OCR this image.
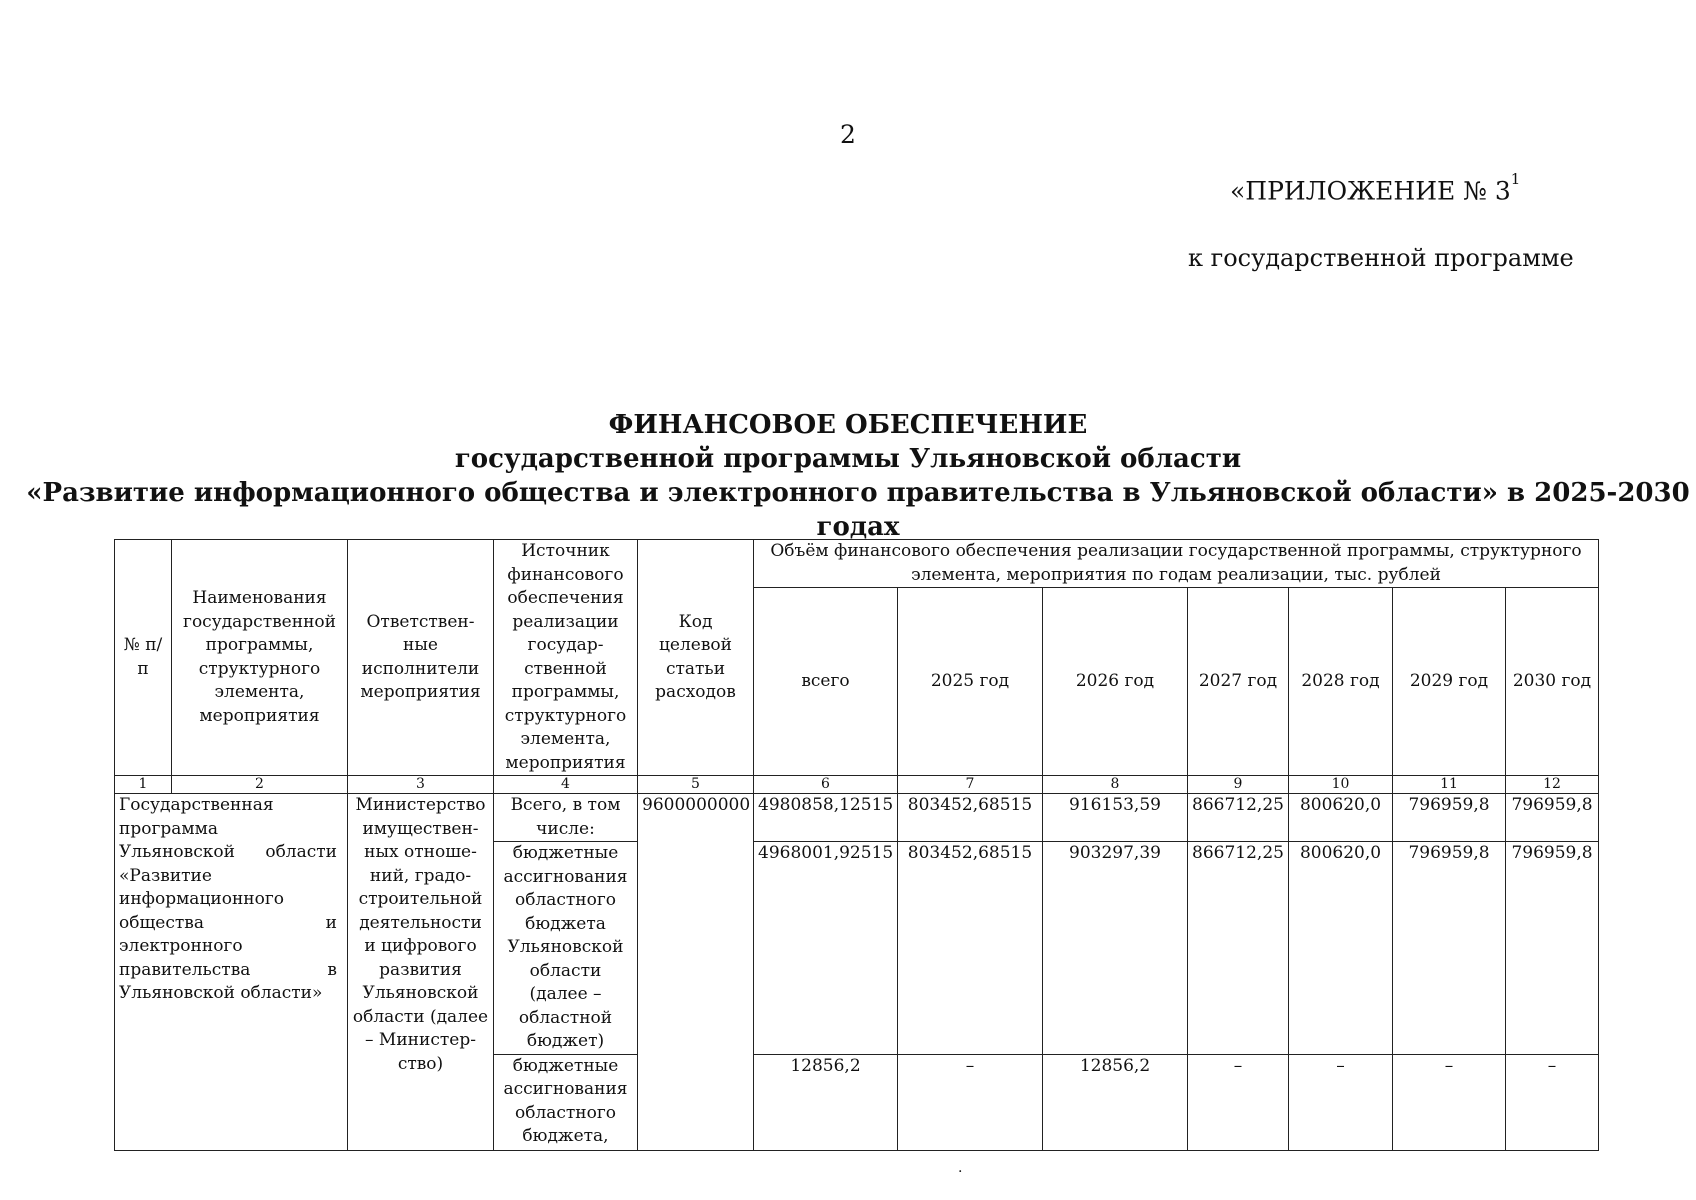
2
«ПРИЛОЖЕНИЕ № $3^1$
к государственной программе
ФИНАНСОВОЕ ОБЕСПЕЧЕНИЕ
государственной программы Ульяновской области
«Развитие информационного общества и электронного правительства в Ульяновской области» в 2025-2030 годах
№ п/п	Наименования государственной программы, структурного элемента, мероприятия	Ответствен-ные исполнители мероприятия	Источник финансового обеспечения реализации государ-ственной программы, структурного элемента, мероприятия	Код целевой статьи расходов	Объём финансового обеспечения реализации государственной программы, структурного элемента, мероприятия по годам реализации, тыс. рублей						
					всего	2025 год	2026 год	2027 год	2028 год	2029 год	2030 год
1	2	3	4	5	6	7	8	9	10	11	12

Государственная программа Ульяновской области «Развитие информационного общества и электронного правительства в Ульяновской области»		Министерство имуществен-ных отноше-ний, градо-строительной деятельности и цифрового развития Ульяновской области (далее – Министер-ство)	Всего, в том числе:	9600000000	4980858,12515	803452,68515	916153,59	866712,25	800620,0	796959,8	796959,8
			бюджетные ассигнования областного бюджета Ульяновской области (далее – областной бюджет)		4968001,92515	803452,68515	903297,39	866712,25	800620,0	796959,8	796959,8
			бюджетные ассигнования областного бюджета,		12856,2	–	12856,2	–	–	–	–
.
